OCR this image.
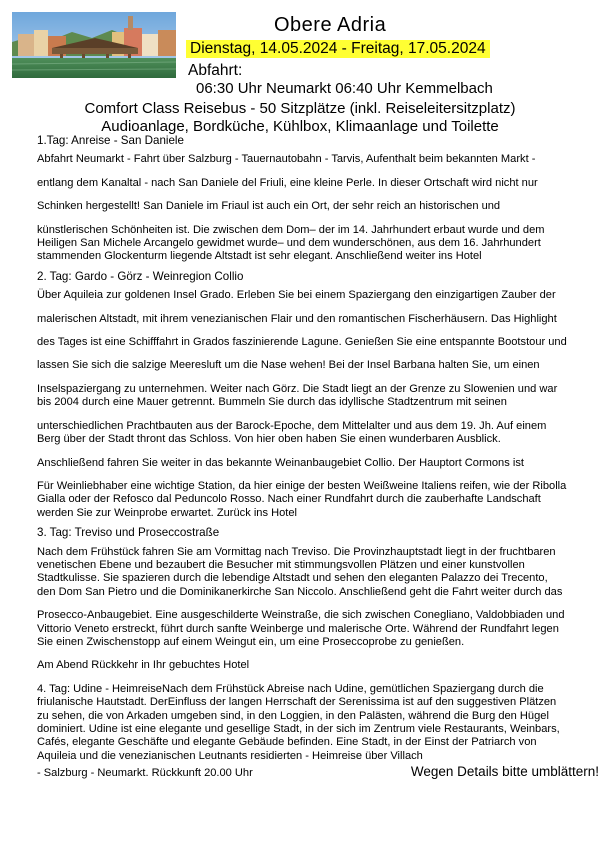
Obere Adria
Dienstag, 14.05.2024 - Freitag, 17.05.2024
Abfahrt:
06:30 Uhr Neumarkt 06:40 Uhr Kemmelbach
Comfort Class Reisebus - 50 Sitzplätze (inkl. Reiseleitersitzplatz)
Audioanlage, Bordküche, Kühlbox, Klimaanlage und Toilette
1.Tag: Anreise - San Daniele
Abfahrt Neumarkt - Fahrt über Salzburg - Tauernautobahn - Tarvis, Aufenthalt beim bekannten Markt -
entlang dem Kanaltal - nach San Daniele del Friuli, eine kleine Perle. In dieser Ortschaft wird nicht nur
Schinken hergestellt! San Daniele im Friaul ist auch ein Ort, der sehr reich an historischen und
künstlerischen Schönheiten ist. Die zwischen dem Dom– der im 14. Jahrhundert erbaut wurde und dem Heiligen San Michele Arcangelo gewidmet wurde– und dem wunderschönen, aus dem 16. Jahrhundert stammenden Glockenturm liegende Altstadt ist sehr elegant. Anschließend weiter ins Hotel
2. Tag: Gardo - Görz - Weinregion Collio
Über Aquileia zur goldenen Insel Grado. Erleben Sie bei einem Spaziergang den einzigartigen Zauber der
malerischen Altstadt, mit ihrem venezianischen Flair und den romantischen Fischerhäusern. Das Highlight
des Tages ist eine Schifffahrt in Grados faszinierende Lagune. Genießen Sie eine entspannte Bootstour und
lassen Sie sich die salzige Meeresluft um die Nase wehen! Bei der Insel Barbana halten Sie, um einen
Inselspaziergang zu unternehmen. Weiter nach Görz. Die Stadt liegt an der Grenze zu Slowenien und war bis 2004 durch eine Mauer getrennt. Bummeln Sie durch das idyllische Stadtzentrum mit seinen
unterschiedlichen Prachtbauten aus der Barock-Epoche, dem Mittelalter und aus dem 19. Jh. Auf einem Berg über der Stadt thront das Schloss. Von hier oben haben Sie einen wunderbaren Ausblick.
Anschließend fahren Sie weiter in das bekannte Weinanbaugebiet Collio. Der Hauptort Cormons ist
Für Weinliebhaber eine wichtige Station, da hier einige der besten Weißweine Italiens reifen, wie der Ribolla Gialla oder der Refosco dal Peduncolo Rosso. Nach einer Rundfahrt durch die zauberhafte Landschaft werden Sie zur Weinprobe erwartet. Zurück ins Hotel
3. Tag: Treviso und Proseccostraße
Nach dem Frühstück fahren Sie am Vormittag nach Treviso. Die Provinzhauptstadt liegt in der fruchtbaren venetischen Ebene und bezaubert die Besucher mit stimmungsvollen Plätzen und einer kunstvollen Stadtkulisse. Sie spazieren durch die lebendige Altstadt und sehen den eleganten Palazzo dei Trecento, den Dom San Pietro und die Dominikanerkirche San Niccolo. Anschließend geht die Fahrt weiter durch das
Prosecco-Anbaugebiet. Eine ausgeschilderte Weinstraße, die sich zwischen Conegliano, Valdobbiaden und Vittorio Veneto erstreckt, führt durch sanfte Weinberge und malerische Orte. Während der Rundfahrt legen Sie einen Zwischenstopp auf einem Weingut ein, um eine Proseccoprobe zu genießen.
Am Abend Rückkehr in Ihr gebuchtes Hotel
4. Tag: Udine - HeimreiseNach dem Frühstück Abreise nach Udine, gemütlichen Spaziergang durch die friulanische Hautstadt. DerEinfluss der langen Herrschaft der Serenissima ist auf den suggestiven Plätzen zu sehen, die von Arkaden umgeben sind, in den Loggien, in den Palästen, während die Burg den Hügel dominiert. Udine ist eine elegante und gesellige Stadt, in der sich im Zentrum viele Restaurants, Weinbars, Cafés, elegante Geschäfte und elegante Gebäude befinden. Eine Stadt, in der Einst der Patriarch von Aquileia und die venezianischen Leutnants residierten - Heimreise über Villach
- Salzburg - Neumarkt. Rückkunft 20.00 Uhr	Wegen Details bitte umblättern!
